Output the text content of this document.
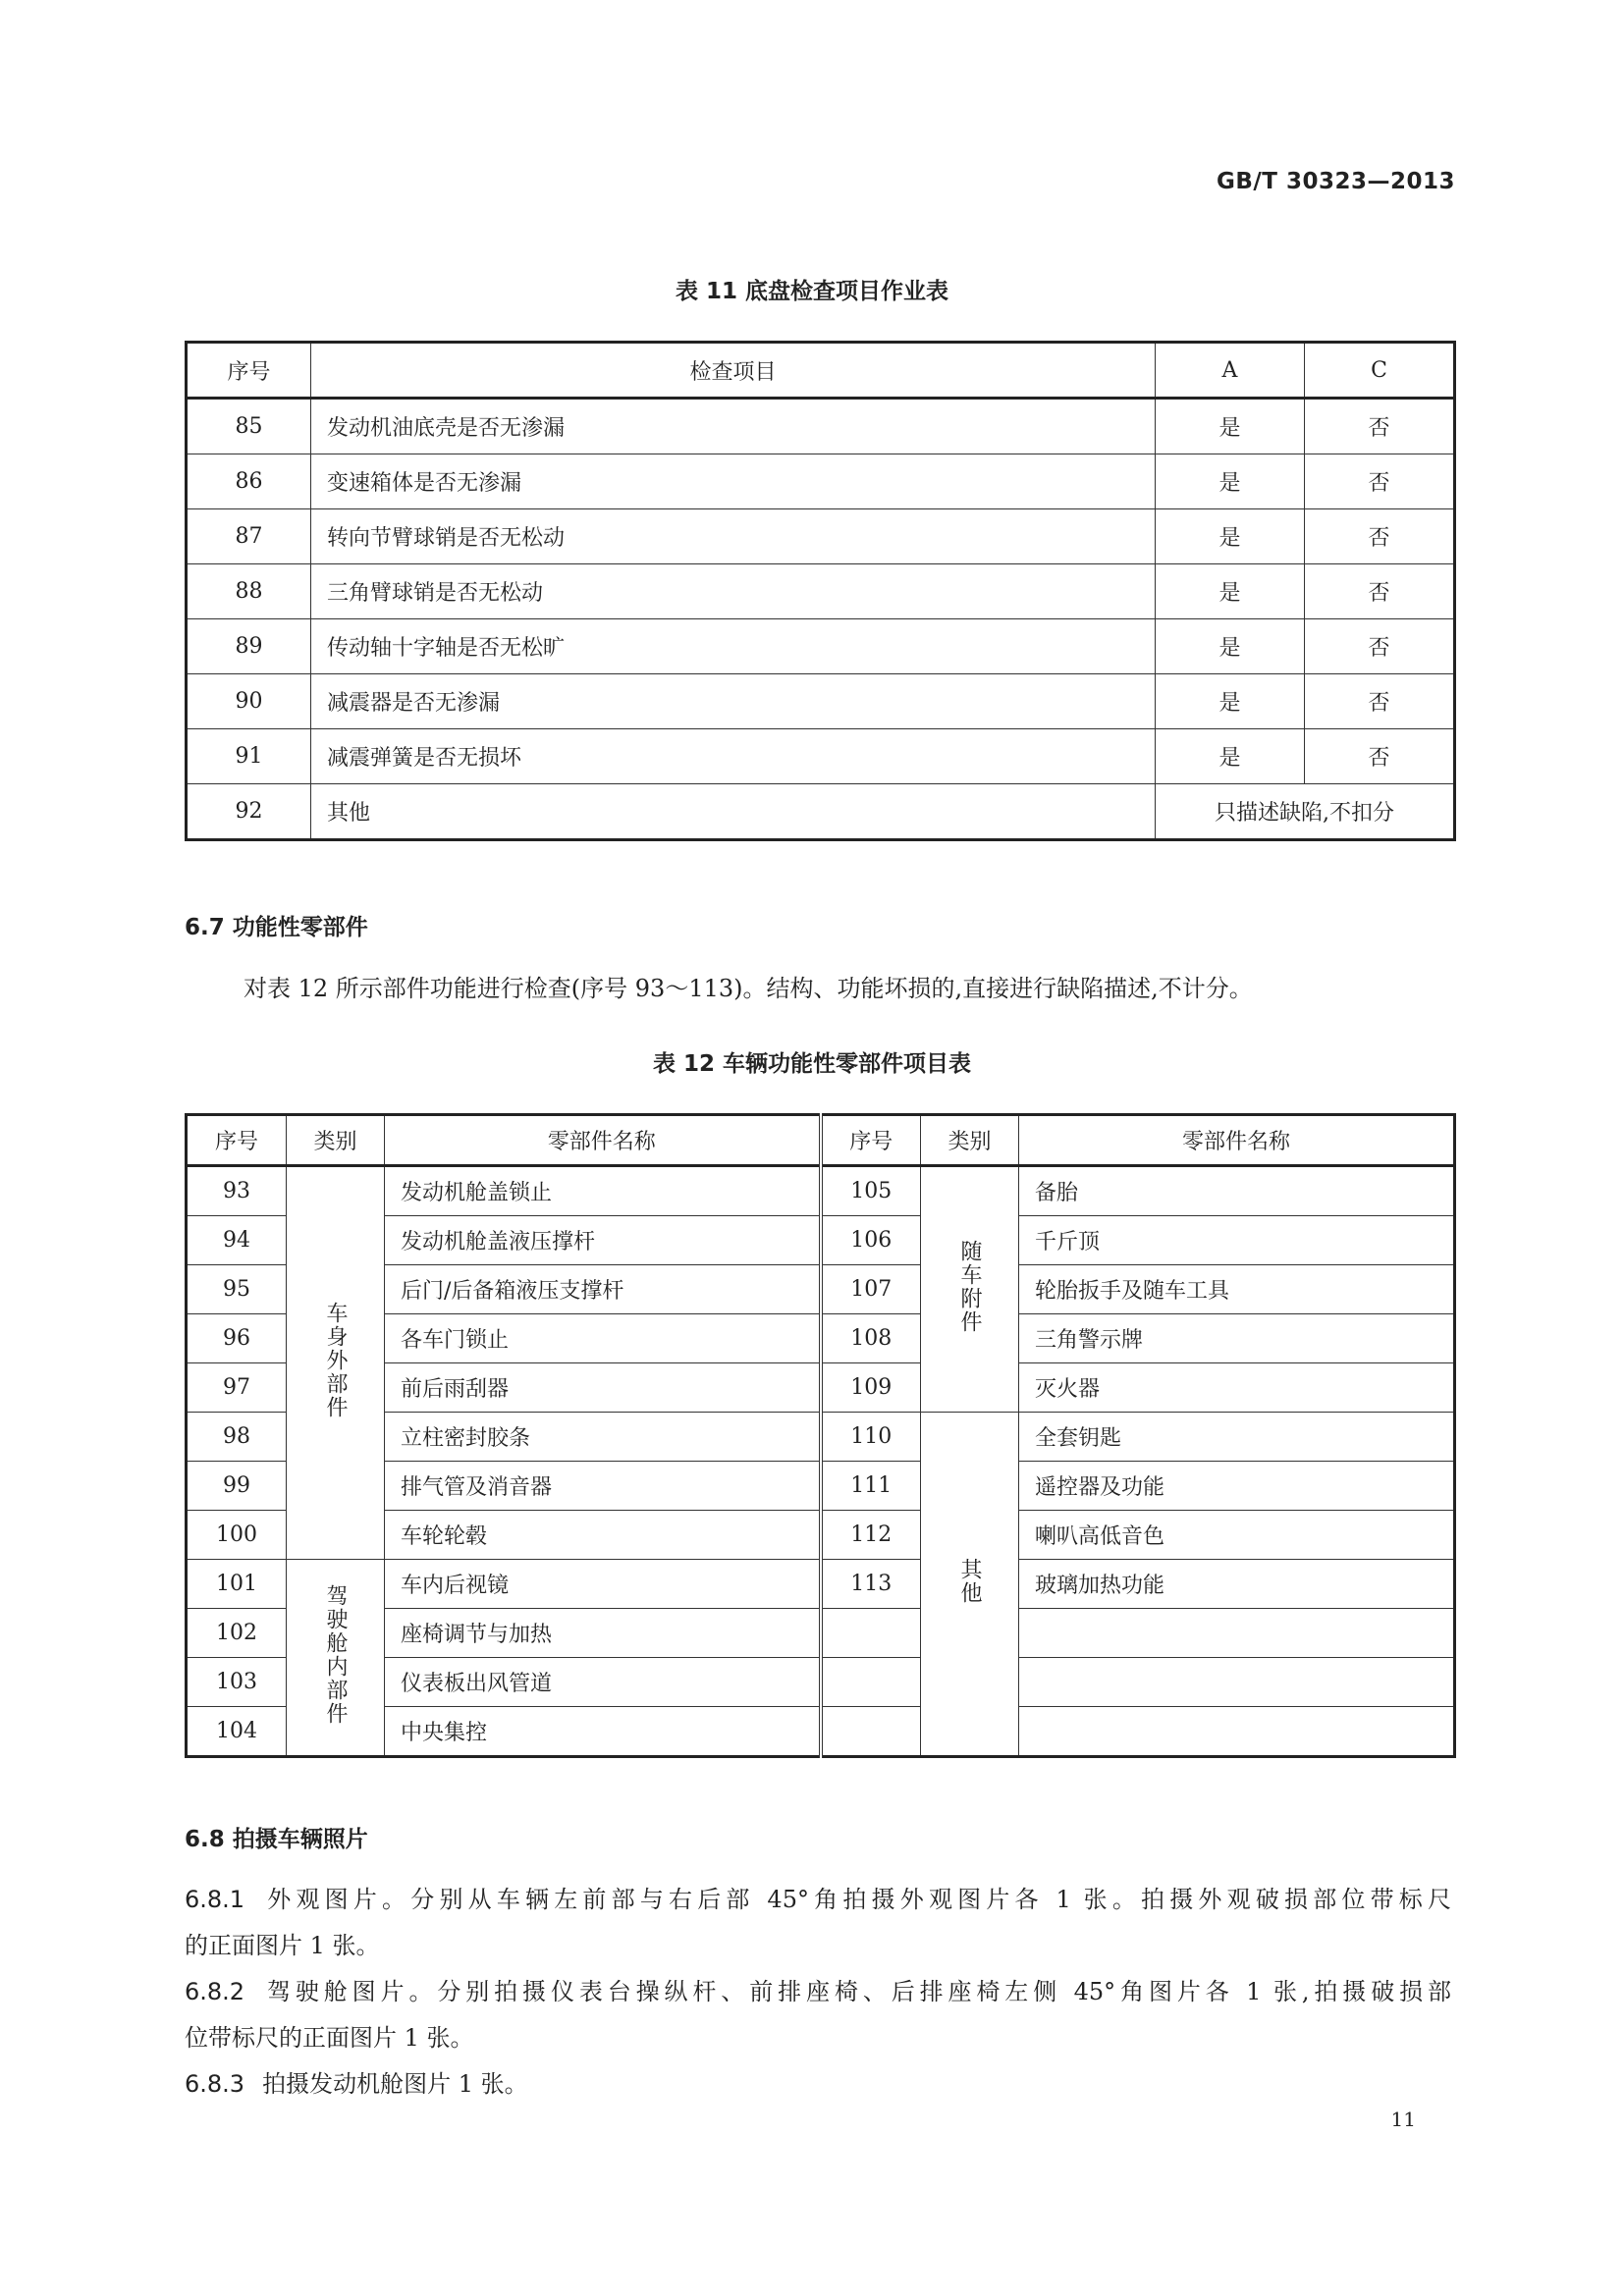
GB/T 30323—2013
表 11 底盘检查项目作业表
序号	检查项目	A	C
85	发动机油底壳是否无渗漏	是	否
86	变速箱体是否无渗漏	是	否
87	转向节臂球销是否无松动	是	否
88	三角臂球销是否无松动	是	否
89	传动轴十字轴是否无松旷	是	否
90	减震器是否无渗漏	是	否
91	减震弹簧是否无损坏	是	否
92	其他	只描述缺陷,不扣分	
6.7 功能性零部件
对表 12 所示部件功能进行检查(序号 93～113)。结构、功能坏损的,直接进行缺陷描述,不计分。
表 12 车辆功能性零部件项目表
序号	类别	零部件名称	序号	类别	零部件名称
93	车身外部件	发动机舱盖锁止	105	随车附件	备胎
94		发动机舱盖液压撑杆	106		千斤顶
95		后门/后备箱液压支撑杆	107		轮胎扳手及随车工具
96		各车门锁止	108		三角警示牌
97		前后雨刮器	109		灭火器
98		立柱密封胶条	110	其他	全套钥匙
99		排气管及消音器	111		遥控器及功能
100		车轮轮毂	112		喇叭高低音色
101	驾驶舱内部件	车内后视镜	113		玻璃加热功能
102		座椅调节与加热			
103		仪表板出风管道			
104		中央集控			
6.8 拍摄车辆照片
6.8.1 外观图片。分别从车辆左前部与右后部 45°角拍摄外观图片各 1 张。拍摄外观破损部位带标尺
的正面图片 1 张。
6.8.2 驾驶舱图片。分别拍摄仪表台操纵杆、前排座椅、后排座椅左侧 45°角图片各 1 张,拍摄破损部
位带标尺的正面图片 1 张。
6.8.3 拍摄发动机舱图片 1 张。
11
